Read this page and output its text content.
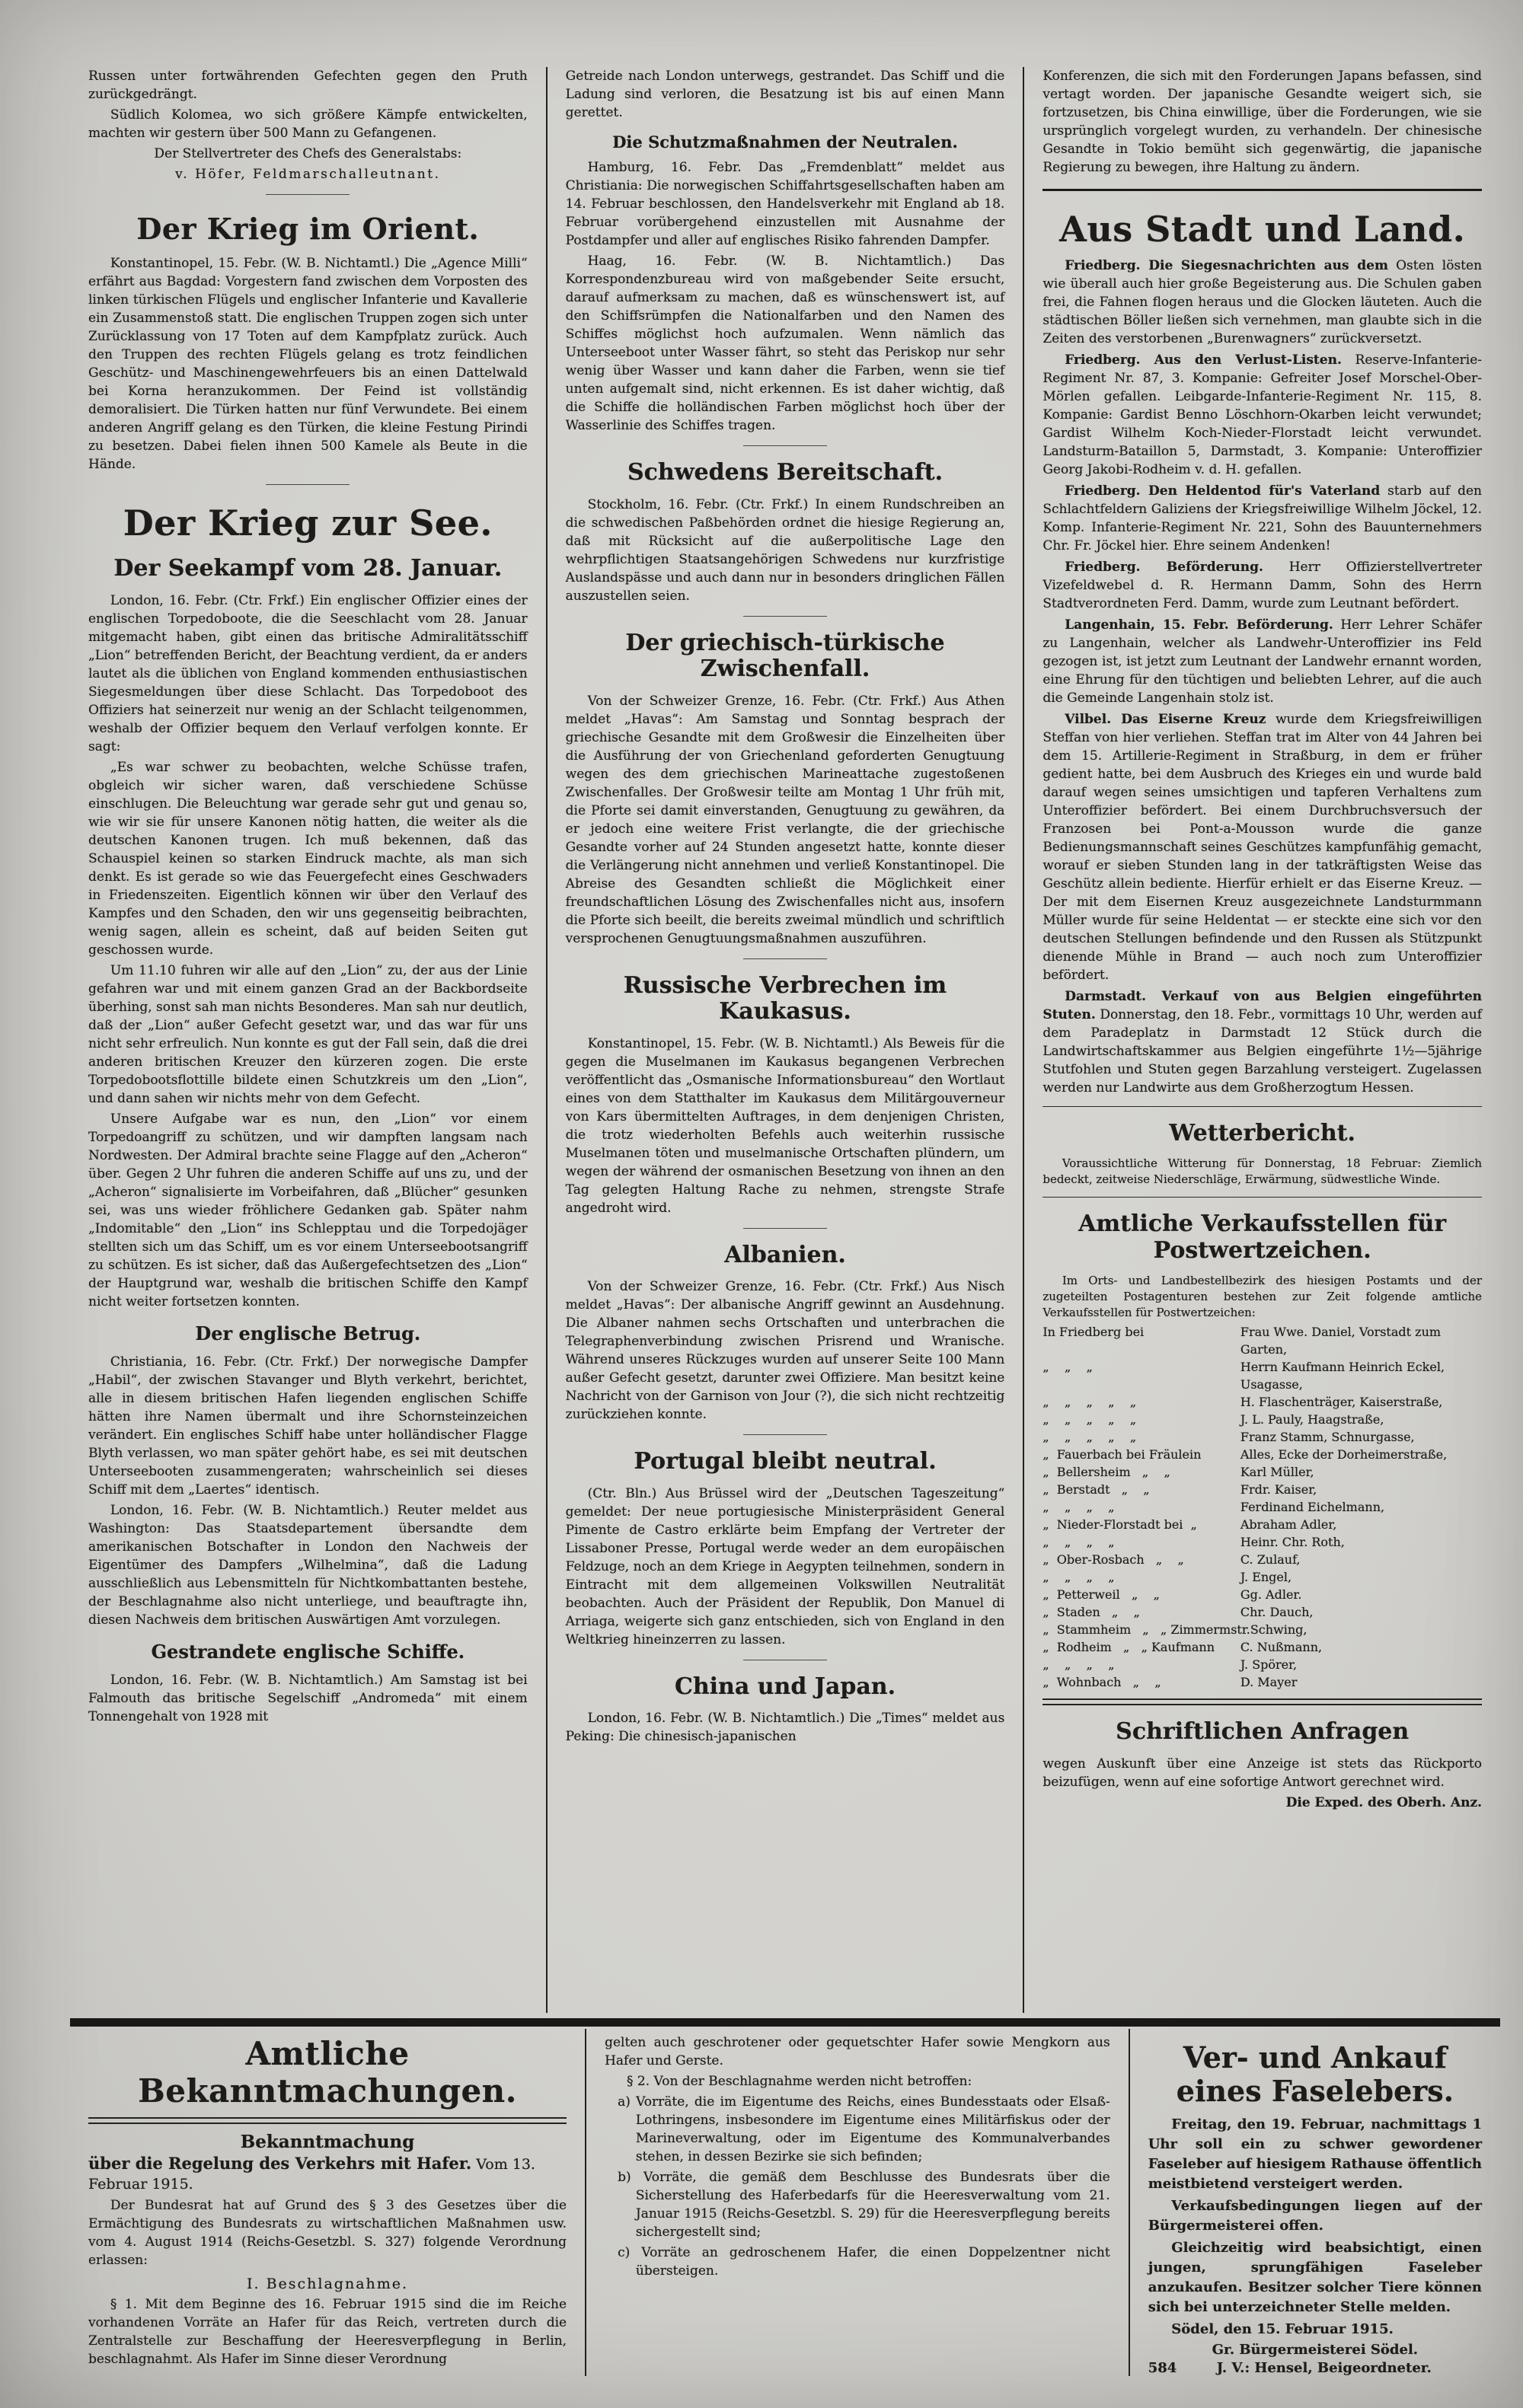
Russen unter fortwährenden Gefechten gegen den Pruth zurückgedrängt.

Südlich Kolomea, wo sich größere Kämpfe entwickelten, machten wir gestern über 500 Mann zu Gefangenen.

Der Stellvertreter des Chefs des Generalstabs:

v. Höfer, Feldmarschalleutnant.

Der Krieg im Orient.

Konstantinopel, 15. Febr. (W. B. Nichtamtl.) Die „Agence Milli“ erfährt aus Bagdad: Vorgestern fand zwischen dem Vorposten des linken türkischen Flügels und englischer Infanterie und Kavallerie ein Zusammenstoß statt. Die englischen Truppen zogen sich unter Zurücklassung von 17 Toten auf dem Kampfplatz zurück. Auch den Truppen des rechten Flügels gelang es trotz feindlichen Geschütz- und Maschinengewehrfeuers bis an einen Dattelwald bei Korna heranzukommen. Der Feind ist vollständig demoralisiert. Die Türken hatten nur fünf Verwundete. Bei einem anderen Angriff gelang es den Türken, die kleine Festung Pirindi zu besetzen. Dabei fielen ihnen 500 Kamele als Beute in die Hände.

Der Krieg zur See.
Der Seekampf vom 28. Januar.

London, 16. Febr. (Ctr. Frkf.) Ein englischer Offizier eines der englischen Torpedoboote, die die Seeschlacht vom 28. Januar mitgemacht haben, gibt einen das britische Admiralitätsschiff „Lion“ betreffenden Bericht, der Beachtung verdient, da er anders lautet als die üblichen von England kommenden enthusiastischen Siegesmeldungen über diese Schlacht. Das Torpedoboot des Offiziers hat seinerzeit nur wenig an der Schlacht teilgenommen, weshalb der Offizier bequem den Verlauf verfolgen konnte. Er sagt:

„Es war schwer zu beobachten, welche Schüsse trafen, obgleich wir sicher waren, daß verschiedene Schüsse einschlugen. Die Beleuchtung war gerade sehr gut und genau so, wie wir sie für unsere Kanonen nötig hatten, die weiter als die deutschen Kanonen trugen. Ich muß bekennen, daß das Schauspiel keinen so starken Eindruck machte, als man sich denkt. Es ist gerade so wie das Feuergefecht eines Geschwaders in Friedenszeiten. Eigentlich können wir über den Verlauf des Kampfes und den Schaden, den wir uns gegenseitig beibrachten, wenig sagen, allein es scheint, daß auf beiden Seiten gut geschossen wurde.

Um 11.10 fuhren wir alle auf den „Lion“ zu, der aus der Linie gefahren war und mit einem ganzen Grad an der Backbordseite überhing, sonst sah man nichts Besonderes. Man sah nur deutlich, daß der „Lion“ außer Gefecht gesetzt war, und das war für uns nicht sehr erfreulich. Nun konnte es gut der Fall sein, daß die drei anderen britischen Kreuzer den kürzeren zogen. Die erste Torpedobootsflottille bildete einen Schutzkreis um den „Lion“, und dann sahen wir nichts mehr von dem Gefecht.

Unsere Aufgabe war es nun, den „Lion“ vor einem Torpedoangriff zu schützen, und wir dampften langsam nach Nordwesten. Der Admiral brachte seine Flagge auf den „Acheron“ über. Gegen 2 Uhr fuhren die anderen Schiffe auf uns zu, und der „Acheron“ signalisierte im Vorbeifahren, daß „Blücher“ gesunken sei, was uns wieder fröhlichere Gedanken gab. Später nahm „Indomitable“ den „Lion“ ins Schlepptau und die Torpedojäger stellten sich um das Schiff, um es vor einem Unterseebootsangriff zu schützen. Es ist sicher, daß das Außergefechtsetzen des „Lion“ der Hauptgrund war, weshalb die britischen Schiffe den Kampf nicht weiter fortsetzen konnten.

Der englische Betrug.

Christiania, 16. Febr. (Ctr. Frkf.) Der norwegische Dampfer „Habil“, der zwischen Stavanger und Blyth verkehrt, berichtet, alle in diesem britischen Hafen liegenden englischen Schiffe hätten ihre Namen übermalt und ihre Schornsteinzeichen verändert. Ein englisches Schiff habe unter holländischer Flagge Blyth verlassen, wo man später gehört habe, es sei mit deutschen Unterseebooten zusammengeraten; wahrscheinlich sei dieses Schiff mit dem „Laertes“ identisch.

London, 16. Febr. (W. B. Nichtamtlich.) Reuter meldet aus Washington: Das Staatsdepartement übersandte dem amerikanischen Botschafter in London den Nachweis der Eigentümer des Dampfers „Wilhelmina“, daß die Ladung ausschließlich aus Lebensmitteln für Nichtkombattanten bestehe, der Beschlagnahme also nicht unterliege, und beauftragte ihn, diesen Nachweis dem britischen Auswärtigen Amt vorzulegen.

Gestrandete englische Schiffe.

London, 16. Febr. (W. B. Nichtamtlich.) Am Samstag ist bei Falmouth das britische Segelschiff „Andromeda“ mit einem Tonnengehalt von 1928 mit

Getreide nach London unterwegs, gestrandet. Das Schiff und die Ladung sind verloren, die Besatzung ist bis auf einen Mann gerettet.

Die Schutzmaßnahmen der Neutralen.

Hamburg, 16. Febr. Das „Fremdenblatt“ meldet aus Christiania: Die norwegischen Schiffahrtsgesellschaften haben am 14. Februar beschlossen, den Handelsverkehr mit England ab 18. Februar vorübergehend einzustellen mit Ausnahme der Postdampfer und aller auf englisches Risiko fahrenden Dampfer.

Haag, 16. Febr. (W. B. Nichtamtlich.) Das Korrespondenzbureau wird von maßgebender Seite ersucht, darauf aufmerksam zu machen, daß es wünschenswert ist, auf den Schiffsrümpfen die Nationalfarben und den Namen des Schiffes möglichst hoch aufzumalen. Wenn nämlich das Unterseeboot unter Wasser fährt, so steht das Periskop nur sehr wenig über Wasser und kann daher die Farben, wenn sie tief unten aufgemalt sind, nicht erkennen. Es ist daher wichtig, daß die Schiffe die holländischen Farben möglichst hoch über der Wasserlinie des Schiffes tragen.

Schwedens Bereitschaft.

Stockholm, 16. Febr. (Ctr. Frkf.) In einem Rundschreiben an die schwedischen Paßbehörden ordnet die hiesige Regierung an, daß mit Rücksicht auf die außerpolitische Lage den wehrpflichtigen Staatsangehörigen Schwedens nur kurzfristige Auslandspässe und auch dann nur in besonders dringlichen Fällen auszustellen seien.

Der griechisch-türkische Zwischenfall.

Von der Schweizer Grenze, 16. Febr. (Ctr. Frkf.) Aus Athen meldet „Havas“: Am Samstag und Sonntag besprach der griechische Gesandte mit dem Großwesir die Einzelheiten über die Ausführung der von Griechenland geforderten Genugtuung wegen des dem griechischen Marineattache zugestoßenen Zwischenfalles. Der Großwesir teilte am Montag 1 Uhr früh mit, die Pforte sei damit einverstanden, Genugtuung zu gewähren, da er jedoch eine weitere Frist verlangte, die der griechische Gesandte vorher auf 24 Stunden angesetzt hatte, konnte dieser die Verlängerung nicht annehmen und verließ Konstantinopel. Die Abreise des Gesandten schließt die Möglichkeit einer freundschaftlichen Lösung des Zwischenfalles nicht aus, insofern die Pforte sich beeilt, die bereits zweimal mündlich und schriftlich versprochenen Genugtuungsmaßnahmen auszuführen.

Russische Verbrechen im Kaukasus.

Konstantinopel, 15. Febr. (W. B. Nichtamtl.) Als Beweis für die gegen die Muselmanen im Kaukasus begangenen Verbrechen veröffentlicht das „Osmanische Informationsbureau“ den Wortlaut eines von dem Statthalter im Kaukasus dem Militärgouverneur von Kars übermittelten Auftrages, in dem denjenigen Christen, die trotz wiederholten Befehls auch weiterhin russische Muselmanen töten und muselmanische Ortschaften plündern, um wegen der während der osmanischen Besetzung von ihnen an den Tag gelegten Haltung Rache zu nehmen, strengste Strafe angedroht wird.

Albanien.

Von der Schweizer Grenze, 16. Febr. (Ctr. Frkf.) Aus Nisch meldet „Havas“: Der albanische Angriff gewinnt an Ausdehnung. Die Albaner nahmen sechs Ortschaften und unterbrachen die Telegraphenverbindung zwischen Prisrend und Wranische. Während unseres Rückzuges wurden auf unserer Seite 100 Mann außer Gefecht gesetzt, darunter zwei Offiziere. Man besitzt keine Nachricht von der Garnison von Jour (?), die sich nicht rechtzeitig zurückziehen konnte.

Portugal bleibt neutral.

(Ctr. Bln.) Aus Brüssel wird der „Deutschen Tageszeitung“ gemeldet: Der neue portugiesische Ministerpräsident General Pimente de Castro erklärte beim Empfang der Vertreter der Lissaboner Presse, Portugal werde weder an dem europäischen Feldzuge, noch an dem Kriege in Aegypten teilnehmen, sondern in Eintracht mit dem allgemeinen Volkswillen Neutralität beobachten. Auch der Präsident der Republik, Don Manuel di Arriaga, weigerte sich ganz entschieden, sich von England in den Weltkrieg hineinzerren zu lassen.

China und Japan.

London, 16. Febr. (W. B. Nichtamtlich.) Die „Times“ meldet aus Peking: Die chinesisch-japanischen

Konferenzen, die sich mit den Forderungen Japans befassen, sind vertagt worden. Der japanische Gesandte weigert sich, sie fortzusetzen, bis China einwillige, über die Forderungen, wie sie ursprünglich vorgelegt wurden, zu verhandeln. Der chinesische Gesandte in Tokio bemüht sich gegenwärtig, die japanische Regierung zu bewegen, ihre Haltung zu ändern.

Aus Stadt und Land.

Friedberg. Die Siegesnachrichten aus dem Osten lösten wie überall auch hier große Begeisterung aus. Die Schulen gaben frei, die Fahnen flogen heraus und die Glocken läuteten. Auch die städtischen Böller ließen sich vernehmen, man glaubte sich in die Zeiten des verstorbenen „Burenwagners“ zurückversetzt.

Friedberg. Aus den Verlust-Listen. Reserve-Infanterie-Regiment Nr. 87, 3. Kompanie: Gefreiter Josef Morschel-Ober-Mörlen gefallen. Leibgarde-Infanterie-Regiment Nr. 115, 8. Kompanie: Gardist Benno Löschhorn-Okarben leicht verwundet; Gardist Wilhelm Koch-Nieder-Florstadt leicht verwundet. Landsturm-Bataillon 5, Darmstadt, 3. Kompanie: Unteroffizier Georg Jakobi-Rodheim v. d. H. gefallen.

Friedberg. Den Heldentod für's Vaterland starb auf den Schlachtfeldern Galiziens der Kriegsfreiwillige Wilhelm Jöckel, 12. Komp. Infanterie-Regiment Nr. 221, Sohn des Bauunternehmers Chr. Fr. Jöckel hier. Ehre seinem Andenken!

Friedberg. Beförderung. Herr Offizierstellvertreter Vizefeldwebel d. R. Hermann Damm, Sohn des Herrn Stadtverordneten Ferd. Damm, wurde zum Leutnant befördert.

Langenhain, 15. Febr. Beförderung. Herr Lehrer Schäfer zu Langenhain, welcher als Landwehr-Unteroffizier ins Feld gezogen ist, ist jetzt zum Leutnant der Landwehr ernannt worden, eine Ehrung für den tüchtigen und beliebten Lehrer, auf die auch die Gemeinde Langenhain stolz ist.

Vilbel. Das Eiserne Kreuz wurde dem Kriegsfreiwilligen Steffan von hier verliehen. Steffan trat im Alter von 44 Jahren bei dem 15. Artillerie-Regiment in Straßburg, in dem er früher gedient hatte, bei dem Ausbruch des Krieges ein und wurde bald darauf wegen seines umsichtigen und tapferen Verhaltens zum Unteroffizier befördert. Bei einem Durchbruchsversuch der Franzosen bei Pont-a-Mousson wurde die ganze Bedienungsmannschaft seines Geschützes kampfunfähig gemacht, worauf er sieben Stunden lang in der tatkräftigsten Weise das Geschütz allein bediente. Hierfür erhielt er das Eiserne Kreuz. — Der mit dem Eisernen Kreuz ausgezeichnete Landsturmmann Müller wurde für seine Heldentat — er steckte eine sich vor den deutschen Stellungen befindende und den Russen als Stützpunkt dienende Mühle in Brand — auch noch zum Unteroffizier befördert.

Darmstadt. Verkauf von aus Belgien eingeführten Stuten. Donnerstag, den 18. Febr., vormittags 10 Uhr, werden auf dem Paradeplatz in Darmstadt 12 Stück durch die Landwirtschaftskammer aus Belgien eingeführte 1½—5jährige Stutfohlen und Stuten gegen Barzahlung versteigert. Zugelassen werden nur Landwirte aus dem Großherzogtum Hessen.

Wetterbericht.

Voraussichtliche Witterung für Donnerstag, 18 Februar: Ziemlich bedeckt, zeitweise Niederschläge, Erwärmung, südwestliche Winde.

Amtliche Verkaufsstellen für
Postwertzeichen.

Im Orts- und Landbestellbezirk des hiesigen Postamts und der zugeteilten Postagenturen bestehen zur Zeit folgende amtliche Verkaufsstellen für Postwertzeichen:

In Friedberg bei	Frau Wwe. Daniel, Vorstadt zum Garten,
„    „    „	Herrn Kaufmann Heinrich Eckel, Usagasse,
„    „    „    „    „	H. Flaschenträger, Kaiserstraße,
„    „    „    „    „	J. L. Pauly, Haagstraße,
„    „    „    „    „	Franz Stamm, Schnurgasse,
„  Fauerbach bei Fräulein	Alles, Ecke der Dorheimerstraße,
„  Bellersheim   „    „	Karl Müller,
„  Berstadt   „    „	Frdr. Kaiser,
„    „    „    „	Ferdinand Eichelmann,
„  Nieder-Florstadt bei  „	Abraham Adler,
„    „    „    „	Heinr. Chr. Roth,
„  Ober-Rosbach   „    „	C. Zulauf,
„    „    „    „	J. Engel,
„  Petterweil   „    „	Gg. Adler.
„  Staden   „    „	Chr. Dauch,
„  Stammheim   „   „ Zimmermstr. Schwing,
„  Rodheim   „   „ Kaufmann	C. Nußmann,
„    „    „    „	J. Spörer,
„  Wohnbach   „    „	D. Mayer
Schriftlichen Anfragen

wegen Auskunft über eine Anzeige ist stets das Rückporto beizufügen, wenn auf eine sofortige Antwort gerechnet wird.

Die Exped. des Oberh. Anz.

Amtliche Bekanntmachungen.

Bekanntmachung

über die Regelung des Verkehrs mit Hafer. Vom 13. Februar 1915.

Der Bundesrat hat auf Grund des § 3 des Gesetzes über die Ermächtigung des Bundesrats zu wirtschaftlichen Maßnahmen usw. vom 4. August 1914 (Reichs-Gesetzbl. S. 327) folgende Verordnung erlassen:

I. Beschlagnahme.

§ 1. Mit dem Beginne des 16. Februar 1915 sind die im Reiche vorhandenen Vorräte an Hafer für das Reich, vertreten durch die Zentralstelle zur Beschaffung der Heeresverpflegung in Berlin, beschlagnahmt. Als Hafer im Sinne dieser Verordnung

gelten auch geschrotener oder gequetschter Hafer sowie Mengkorn aus Hafer und Gerste.

§ 2. Von der Beschlagnahme werden nicht betroffen:

a) Vorräte, die im Eigentume des Reichs, eines Bundesstaats oder Elsaß-Lothringens, insbesondere im Eigentume eines Militärfiskus oder der Marineverwaltung, oder im Eigentume des Kommunalverbandes stehen, in dessen Bezirke sie sich befinden;

b) Vorräte, die gemäß dem Beschlusse des Bundesrats über die Sicherstellung des Haferbedarfs für die Heeresverwaltung vom 21. Januar 1915 (Reichs-Gesetzbl. S. 29) für die Heeresverpflegung bereits sichergestellt sind;

c) Vorräte an gedroschenem Hafer, die einen Doppelzentner nicht übersteigen.

Ver- und Ankauf
eines Faselebers.

Freitag, den 19. Februar, nachmittags 1 Uhr soll ein zu schwer gewordener Faseleber auf hiesigem Rathause öffentlich meistbietend versteigert werden.

Verkaufsbedingungen liegen auf der Bürgermeisterei offen.

Gleichzeitig wird beabsichtigt, einen jungen, sprungfähigen Faseleber anzukaufen. Besitzer solcher Tiere können sich bei unterzeichneter Stelle melden.

Södel, den 15. Februar 1915.

Gr. Bürgermeisterei Södel.

584	J. V.: Hensel, Beigeordneter.
